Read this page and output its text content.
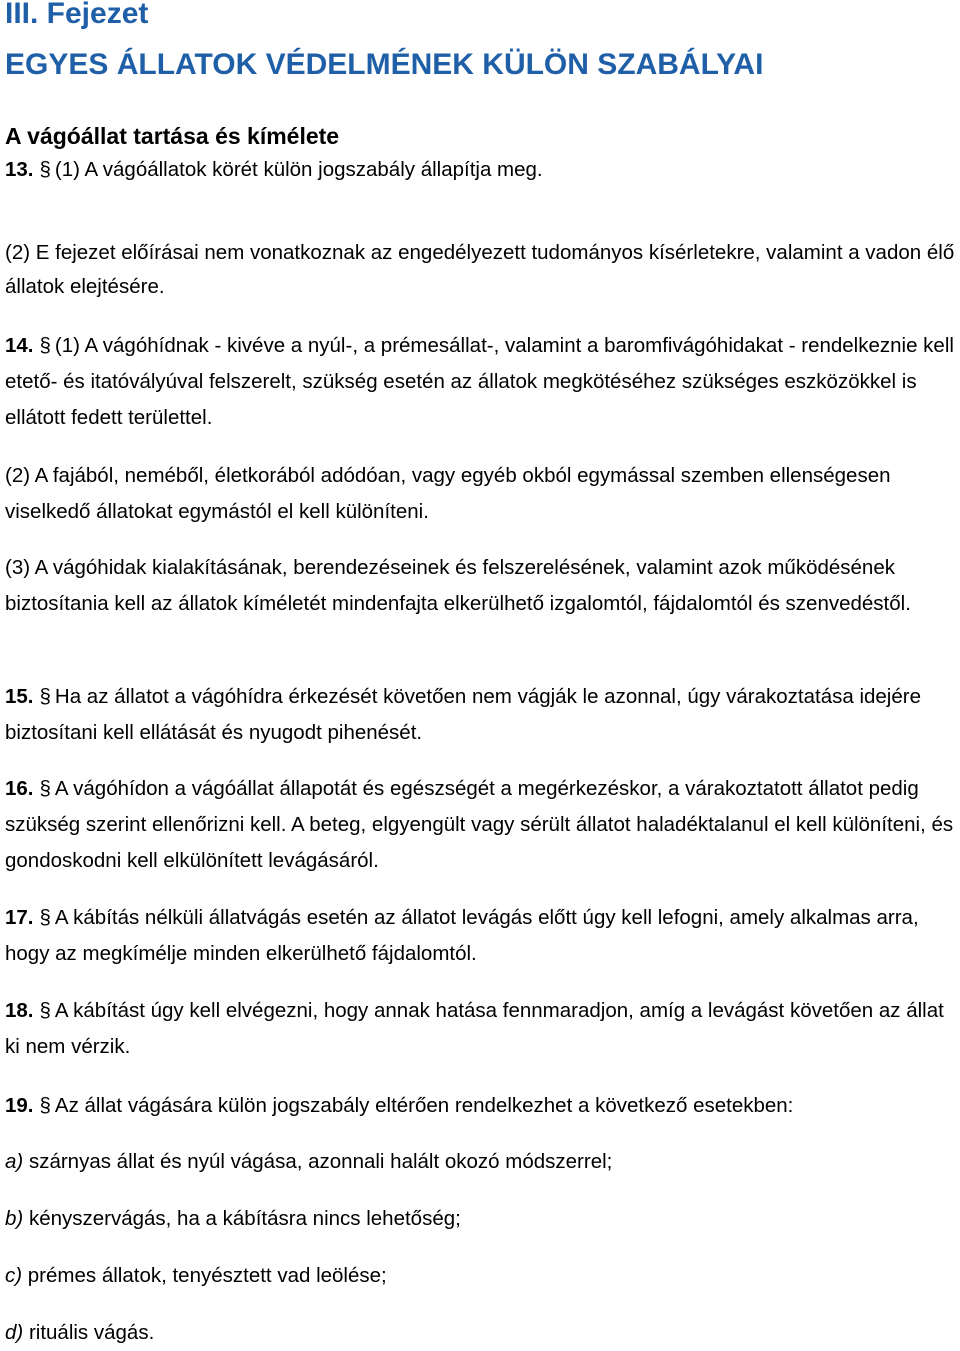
III. Fejezet
EGYES ÁLLATOK VÉDELMÉNEK KÜLÖN SZABÁLYAI
A vágóállat tartása és kímélete
13. § (1) A vágóállatok körét külön jogszabály állapítja meg.
(2) E fejezet előírásai nem vonatkoznak az engedélyezett tudományos kísérletekre, valamint a vadon élő állatok elejtésére.
14. § (1) A vágóhídnak - kivéve a nyúl-, a prémesállat-, valamint a baromfivágóhidakat - rendelkeznie kell etető- és itatóvályúval felszerelt, szükség esetén az állatok megkötéséhez szükséges eszközökkel is ellátott fedett területtel.
(2) A fajából, neméből, életkorából adódóan, vagy egyéb okból egymással szemben ellenségesen viselkedő állatokat egymástól el kell különíteni.
(3) A vágóhidak kialakításának, berendezéseinek és felszerelésének, valamint azok működésének biztosítania kell az állatok kíméletét mindenfajta elkerülhető izgalomtól, fájdalomtól és szenvedéstől.
15. § Ha az állatot a vágóhídra érkezését követően nem vágják le azonnal, úgy várakoztatása idejére biztosítani kell ellátását és nyugodt pihenését.
16. § A vágóhídon a vágóállat állapotát és egészségét a megérkezéskor, a várakoztatott állatot pedig szükség szerint ellenőrizni kell. A beteg, elgyengült vagy sérült állatot haladéktalanul el kell különíteni, és gondoskodni kell elkülönített levágásáról.
17. § A kábítás nélküli állatvágás esetén az állatot levágás előtt úgy kell lefogni, amely alkalmas arra, hogy az megkímélje minden elkerülhető fájdalomtól.
18. § A kábítást úgy kell elvégezni, hogy annak hatása fennmaradjon, amíg a levágást követően az állat ki nem vérzik.
19. § Az állat vágására külön jogszabály eltérően rendelkezhet a következő esetekben:
a) szárnyas állat és nyúl vágása, azonnali halált okozó módszerrel;
b) kényszervágás, ha a kábításra nincs lehetőség;
c) prémes állatok, tenyésztett vad leölése;
d) rituális vágás.
